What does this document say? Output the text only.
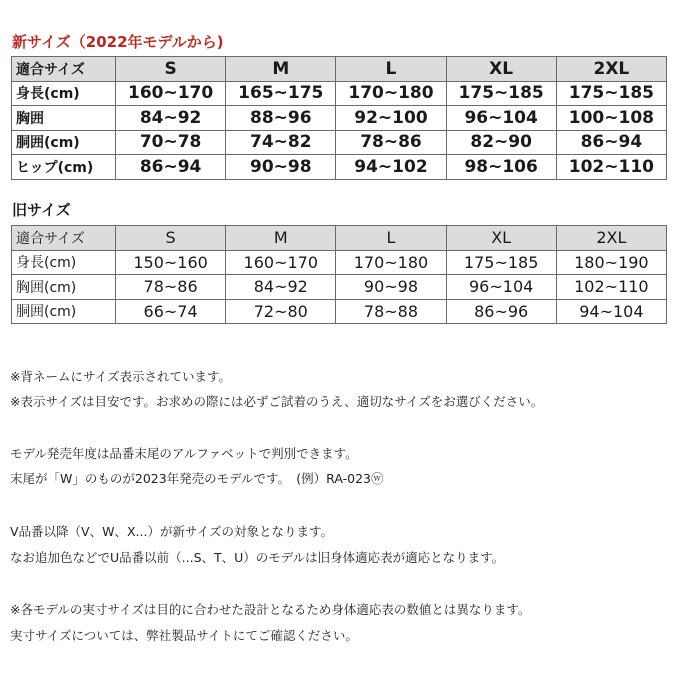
新サイズ（2022年モデルから)
適合サイズ	S	M	L	XL	2XL
身長(cm)	160~170	165~175	170~180	175~185	175~185
胸囲	84~92	88~96	92~100	96~104	100~108
胴囲(cm)	70~78	74~82	78~86	82~90	86~94
ヒップ(cm)	86~94	90~98	94~102	98~106	102~110
旧サイズ
適合サイズ	S	M	L	XL	2XL
身長(cm)	150~160	160~170	170~180	175~185	180~190
胸囲(cm)	78~86	84~92	90~98	96~104	102~110
胴囲(cm)	66~74	72~80	78~88	86~96	94~104
※背ネームにサイズ表示されています。
※表示サイズは目安です。お求めの際には必ずご試着のうえ、適切なサイズをお選びください。
モデル発売年度は品番末尾のアルファベットで判別できます。
末尾が「W」のものが2023年発売のモデルです。　(例）RA-023ⓦ
V品番以降（V、W、X...）が新サイズの対象となります。
なお追加色などでU品番以前（...S、T、U）のモデルは旧身体適応表が適応となります。
※各モデルの実寸サイズは目的に合わせた設計となるため身体適応表の数値とは異なります。
実寸サイズについては、弊社製品サイトにてご確認ください。
